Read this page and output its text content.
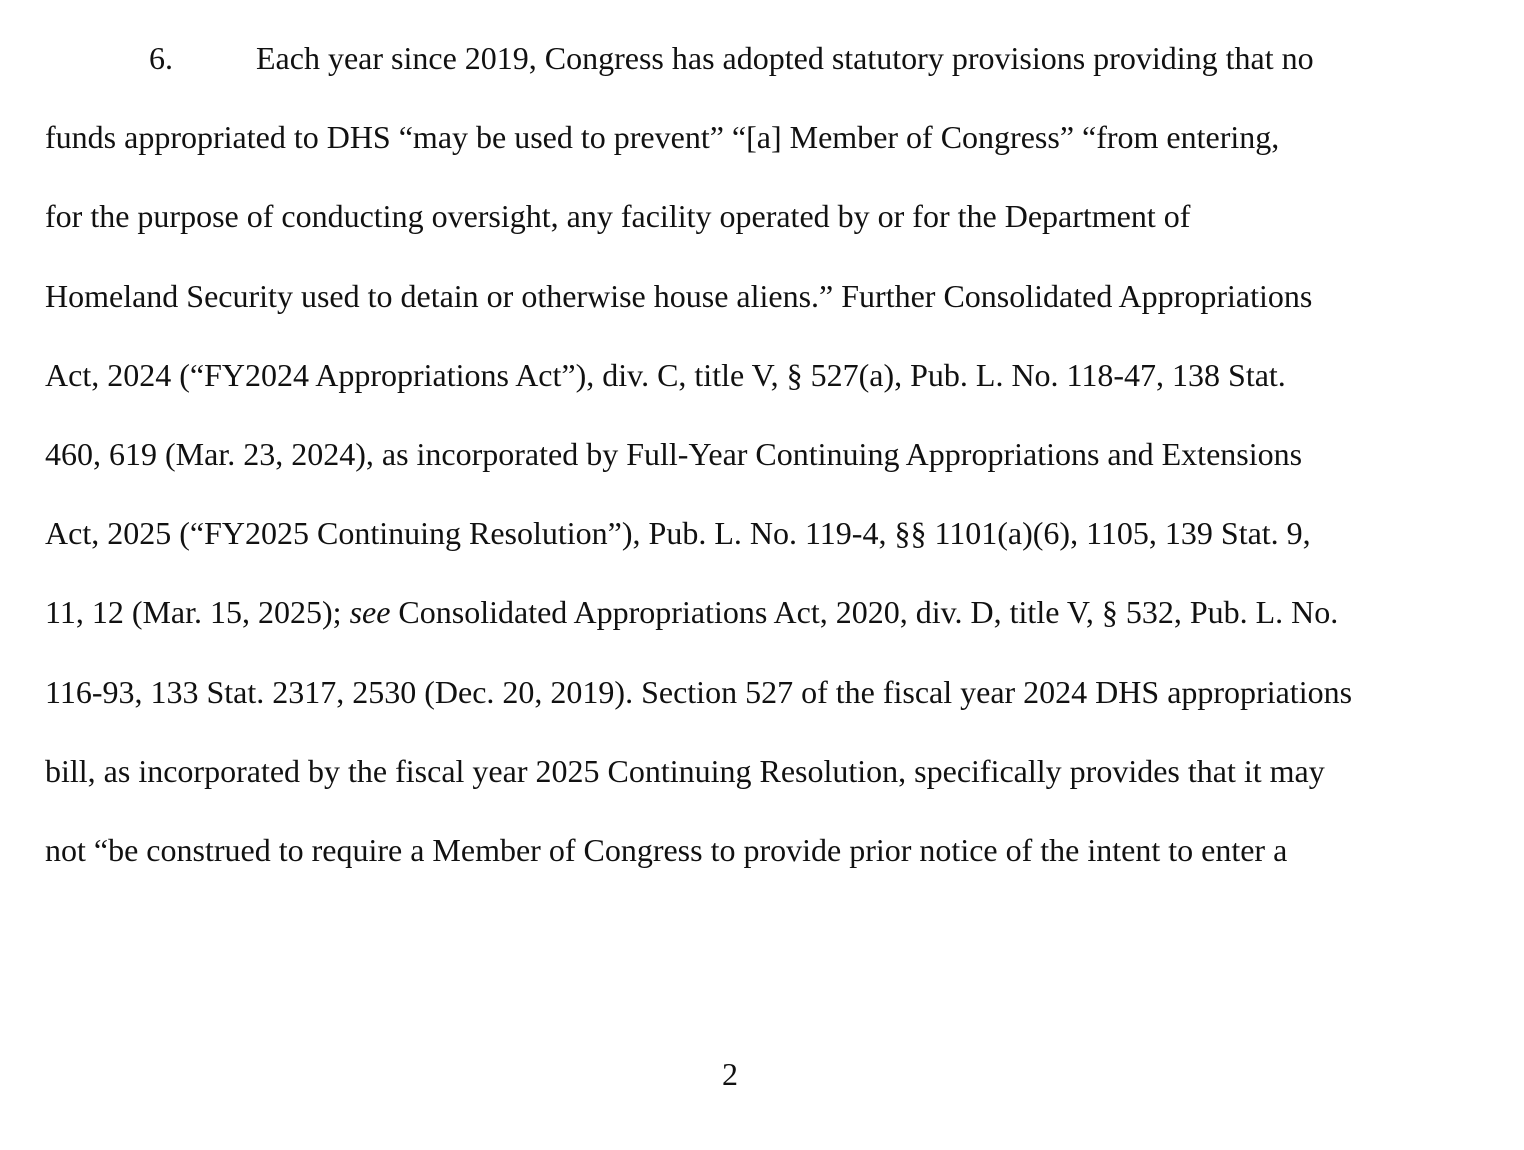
6.	Each year since 2019, Congress has adopted statutory provisions providing that no
funds appropriated to DHS “may be used to prevent” “[a] Member of Congress” “from entering,
for the purpose of conducting oversight, any facility operated by or for the Department of
Homeland Security used to detain or otherwise house aliens.” Further Consolidated Appropriations
Act, 2024 (“FY2024 Appropriations Act”), div. C, title V, § 527(a), Pub. L. No. 118-47, 138 Stat.
460, 619 (Mar. 23, 2024), as incorporated by Full-Year Continuing Appropriations and Extensions
Act, 2025 (“FY2025 Continuing Resolution”), Pub. L. No. 119-4, §§ 1101(a)(6), 1105, 139 Stat. 9,
11, 12 (Mar. 15, 2025); see Consolidated Appropriations Act, 2020, div. D, title V, § 532, Pub. L. No.
116-93, 133 Stat. 2317, 2530 (Dec. 20, 2019). Section 527 of the fiscal year 2024 DHS appropriations
bill, as incorporated by the fiscal year 2025 Continuing Resolution, specifically provides that it may
not “be construed to require a Member of Congress to provide prior notice of the intent to enter a
2
